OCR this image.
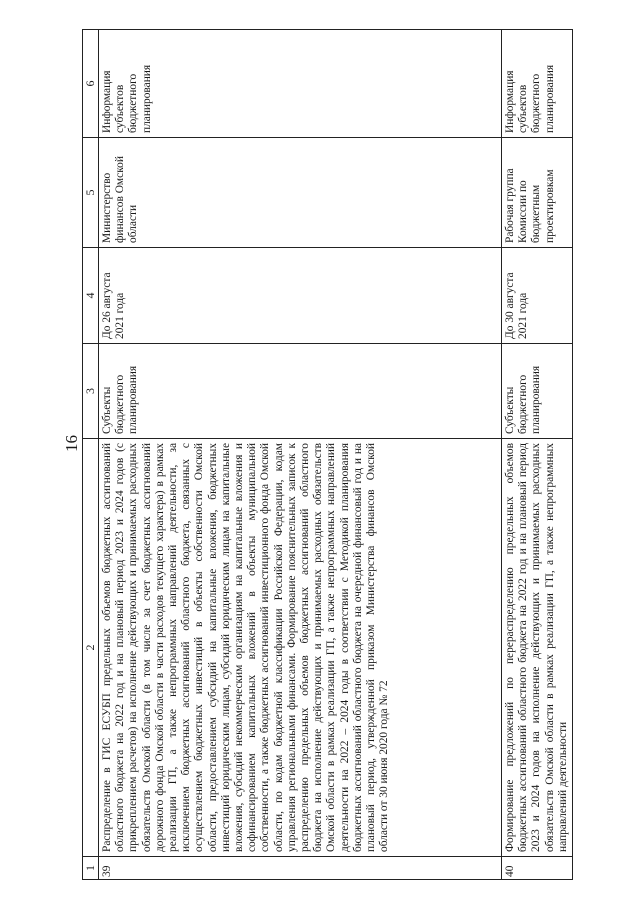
16
1	2	3	4	5	6
39	Распределение в ГИС ЕСУБП предельных объемов бюджетных ассигнований областного бюджета на 2022 год и на плановый период 2023 и 2024 годов (с прикреплением расчетов) на исполнение действующих и принимаемых расходных обязательств Омской области (в том числе за счет бюджетных ассигнований дорожного фонда Омской области в части расходов текущего характера) в рамках реализации ГП, а также непрограммных направлений деятельности, за исключением бюджетных ассигнований областного бюджета, связанных с осуществлением бюджетных инвестиций в объекты собственности Омской области, предоставлением субсидий на капитальные вложения, бюджетных инвестиций юридическим лицам, субсидий юридическим лицам на капитальные вложения, субсидий некоммерческим организациям на капитальные вложения и софинансированием капитальных вложений в объекты муниципальной собственности, а также бюджетных ассигнований инвестиционного фонда Омской области, по кодам бюджетной классификации Российской Федерации, кодам управления региональными финансами. Формирование пояснительных записок к распределению предельных объемов бюджетных ассигнований областного бюджета на исполнение действующих и принимаемых расходных обязательств Омской области в рамках реализации ГП, а также непрограммных направлений деятельности на 2022 – 2024 годы в соответствии с Методикой планирования бюджетных ассигнований областного бюджета на очередной финансовый год и на плановый период, утвержденной приказом Министерства финансов Омской области от 30 июня 2020 года № 72	Субъекты бюджетного планирования	До 26 августа 2021 года	Министерство финансов Омской области	Информация субъектов бюджетного планирования
40	Формирование предложений по перераспределению предельных объемов бюджетных ассигнований областного бюджета на 2022 год и на плановый период 2023 и 2024 годов на исполнение действующих и принимаемых расходных обязательств Омской области в рамках реализации ГП, а также непрограммных направлений деятельности	Субъекты бюджетного планирования	До 30 августа 2021 года	Рабочая группа Комиссии по бюджетным проектировкам	Информация субъектов бюджетного планирования
